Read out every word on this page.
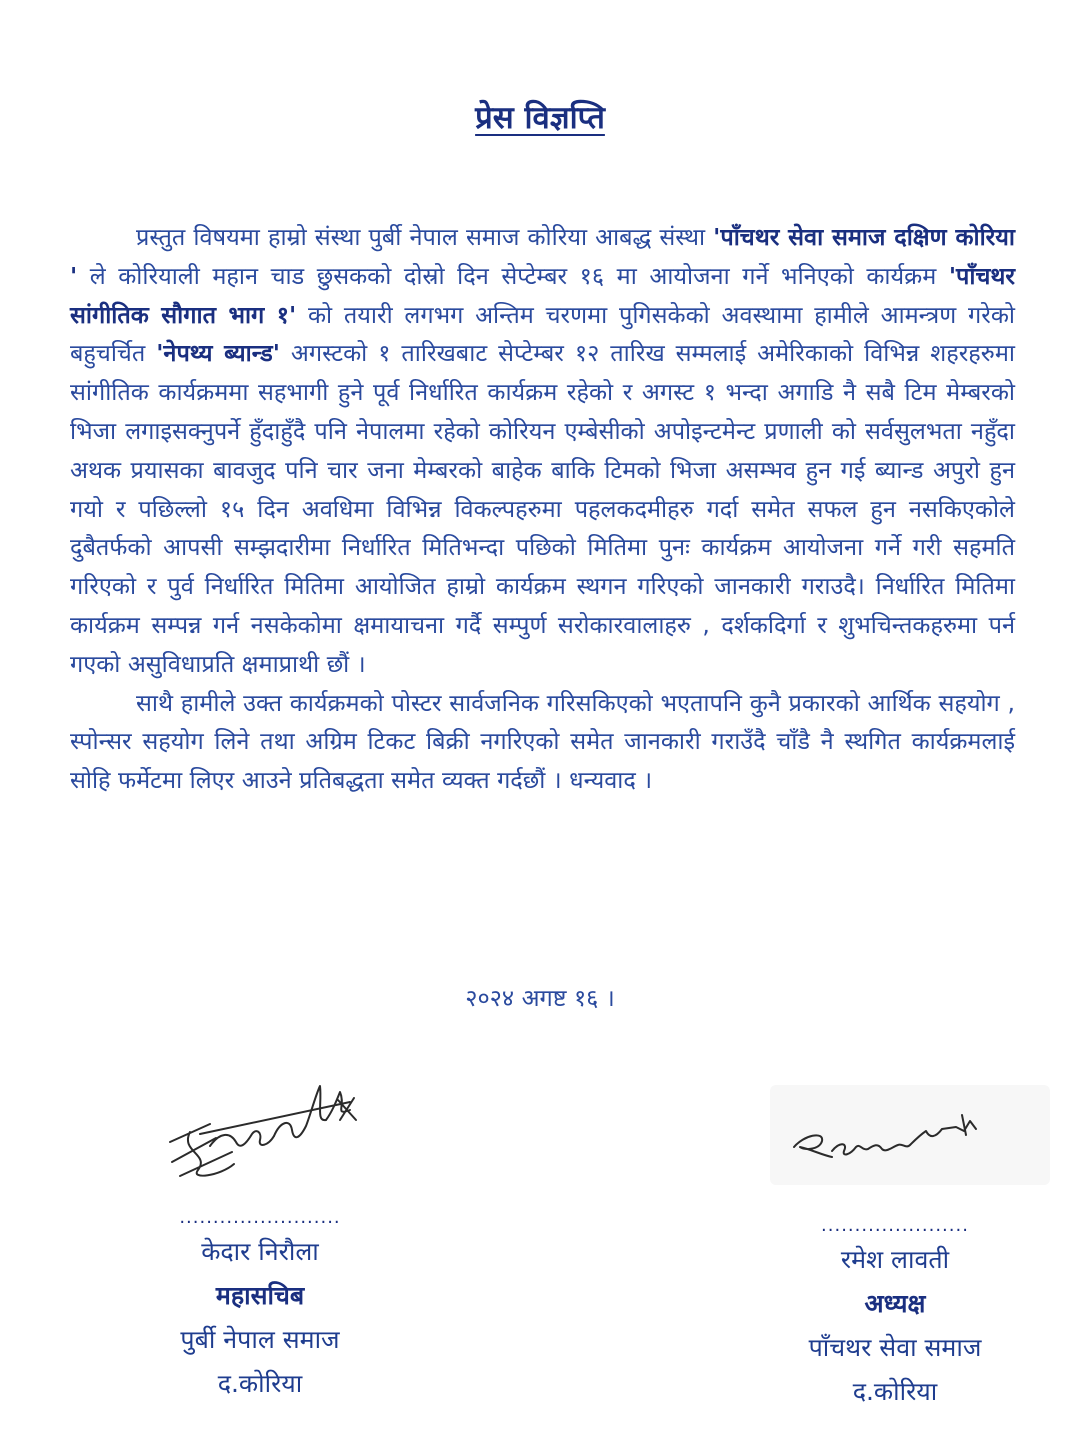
प्रेस विज्ञप्ति

प्रस्तुत विषयमा हाम्रो संस्था पुर्बी नेपाल समाज कोरिया आबद्ध संस्था 'पाँचथर सेवा समाज दक्षिण कोरिया ' ले कोरियाली महान चाड छुसकको दोस्रो दिन सेप्टेम्बर १६ मा आयोजना गर्ने भनिएको कार्यक्रम 'पाँचथर सांगीतिक सौगात भाग १' को तयारी लगभग अन्तिम चरणमा पुगिसकेको अवस्थामा हामीले आमन्त्रण गरेको बहुचर्चित 'नेपथ्य ब्यान्ड' अगस्टको १ तारिखबाट सेप्टेम्बर १२ तारिख सम्मलाई अमेरिकाको विभिन्न शहरहरुमा सांगीतिक कार्यक्रममा सहभागी हुने पूर्व निर्धारित कार्यक्रम रहेको र अगस्ट १ भन्दा अगाडि नै सबै टिम मेम्बरको भिजा लगाइसक्नुपर्ने हुँदाहुँदै पनि नेपालमा रहेको कोरियन एम्बेसीको अपोइन्टमेन्ट प्रणाली को सर्वसुलभता नहुँदा अथक प्रयासका बावजुद पनि चार जना मेम्बरको बाहेक बाकि टिमको भिजा असम्भव हुन गई ब्यान्ड अपुरो हुन गयो र पछिल्लो १५ दिन अवधिमा विभिन्न विकल्पहरुमा पहलकदमीहरु गर्दा समेत सफल हुन नसकिएकोले दुबैतर्फको आपसी सम्झदारीमा निर्धारित मितिभन्दा पछिको मितिमा पुनः कार्यक्रम आयोजना गर्ने गरी सहमति गरिएको र पुर्व निर्धारित मितिमा आयोजित हाम्रो कार्यक्रम स्थगन गरिएको जानकारी गराउदै। निर्धारित मितिमा कार्यक्रम सम्पन्न गर्न नसकेकोमा क्षमायाचना गर्दै सम्पुर्ण सरोकारवालाहरु , दर्शकदिर्गा र शुभचिन्तकहरुमा पर्न गएको असुविधाप्रति क्षमाप्राथी छौं ।

साथै हामीले उक्त कार्यक्रमको पोस्टर सार्वजनिक गरिसकिएको भएतापनि कुनै प्रकारको आर्थिक सहयोग , स्पोन्सर सहयोग लिने तथा अग्रिम टिकट बिक्री नगरिएको समेत जानकारी गराउँदै चाँडै नै स्थगित कार्यक्रमलाई सोहि फर्मेटमा लिएर आउने प्रतिबद्धता समेत व्यक्त गर्दछौं । धन्यवाद ।

२०२४ अगष्ट १६ ।
........................
केदार निरौला
महासचिब
पुर्बी नेपाल समाज
द.कोरिया
......................
रमेश लावती
अध्यक्ष
पाँचथर सेवा समाज
द.कोरिया
